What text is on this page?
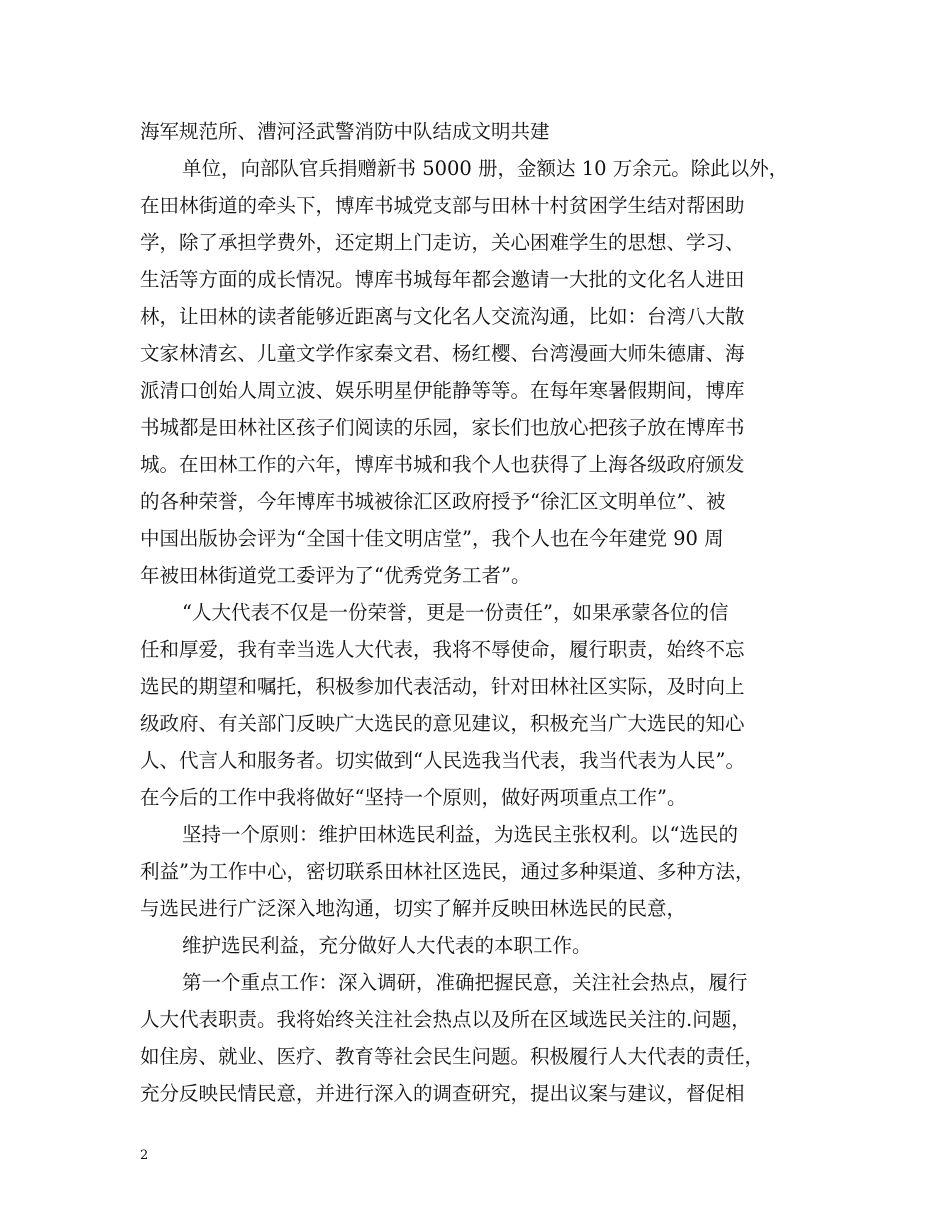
海军规范所、漕河泾武警消防中队结成文明共建
单位，向部队官兵捐赠新书 5000 册，金额达 10 万余元。除此以外，
在田林街道的牵头下，博库书城党支部与田林十村贫困学生结对帮困助
学，除了承担学费外，还定期上门走访，关心困难学生的思想、学习、
生活等方面的成长情况。博库书城每年都会邀请一大批的文化名人进田
林，让田林的读者能够近距离与文化名人交流沟通，比如：台湾八大散
文家林清玄、儿童文学作家秦文君、杨红樱、台湾漫画大师朱德庸、海
派清口创始人周立波、娱乐明星伊能静等等。在每年寒暑假期间，博库
书城都是田林社区孩子们阅读的乐园，家长们也放心把孩子放在博库书
城。在田林工作的六年，博库书城和我个人也获得了上海各级政府颁发
的各种荣誉，今年博库书城被徐汇区政府授予“徐汇区文明单位”、被
中国出版协会评为“全国十佳文明店堂”，我个人也在今年建党 90 周
年被田林街道党工委评为了“优秀党务工者”。
“人大代表不仅是一份荣誉，更是一份责任”，如果承蒙各位的信
任和厚爱，我有幸当选人大代表，我将不辱使命，履行职责，始终不忘
选民的期望和嘱托，积极参加代表活动，针对田林社区实际，及时向上
级政府、有关部门反映广大选民的意见建议，积极充当广大选民的知心
人、代言人和服务者。切实做到“人民选我当代表，我当代表为人民”。
在今后的工作中我将做好“坚持一个原则，做好两项重点工作”。
坚持一个原则：维护田林选民利益，为选民主张权利。以“选民的
利益”为工作中心，密切联系田林社区选民，通过多种渠道、多种方法，
与选民进行广泛深入地沟通，切实了解并反映田林选民的民意，
维护选民利益，充分做好人大代表的本职工作。
第一个重点工作：深入调研，准确把握民意，关注社会热点，履行
人大代表职责。我将始终关注社会热点以及所在区域选民关注的.问题，
如住房、就业、医疗、教育等社会民生问题。积极履行人大代表的责任，
充分反映民情民意，并进行深入的调查研究，提出议案与建议，督促相
2
